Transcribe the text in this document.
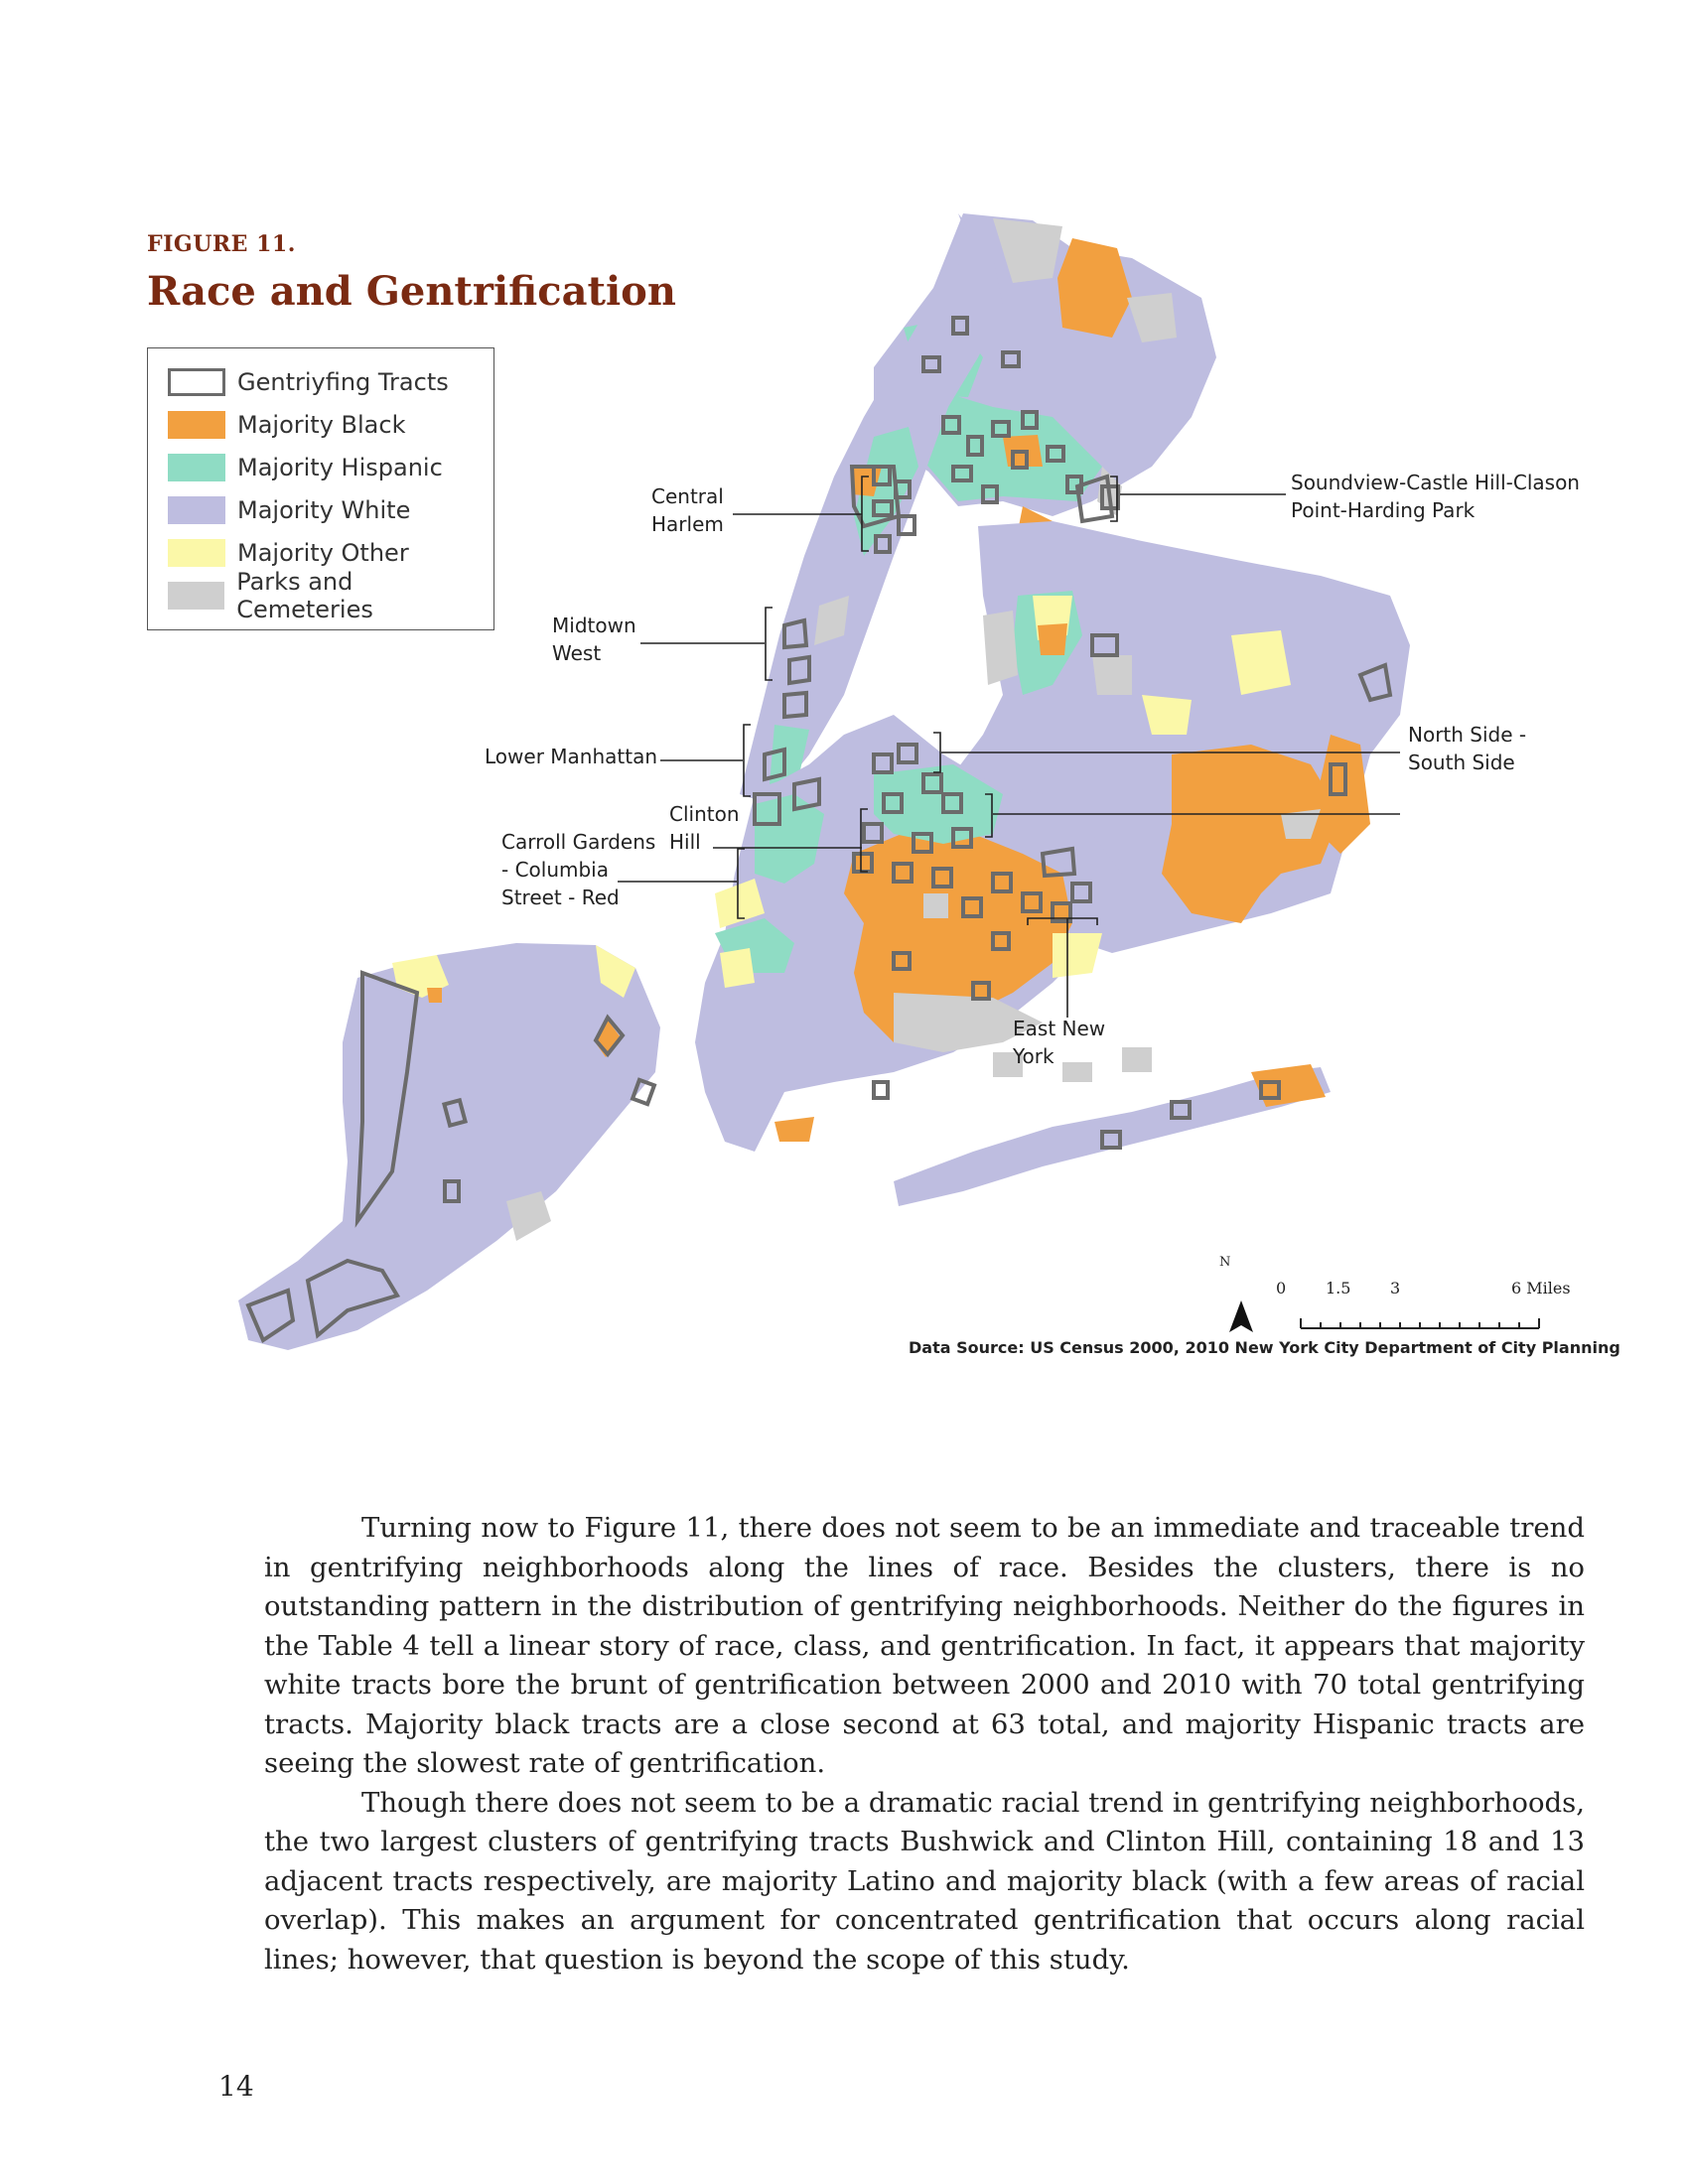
FIGURE 11.
Race and Gentrification
Gentriyfing Tracts
Majority Black
Majority Hispanic
Majority White
Majority Other
Parks and Cemeteries
Central Harlem
Soundview-Castle Hill-Clason Point-Harding Park
Midtown West
Lower Manhattan
North Side - South Side
Clinton Hill
Carroll Gardens - Columbia Street - Red
East New York
N
0 1.5 3	6 Miles
Data Source: US Census 2000, 2010 New York City Department of City Planning

Turning now to Figure 11, there does not seem to be an immediate and traceable trend in gentrifying neighborhoods along the lines of race. Besides the clusters, there is no outstanding pattern in the distribution of gentrifying neighborhoods. Neither do the figures in the Table 4 tell a linear story of race, class, and gentrification. In fact, it appears that majority white tracts bore the brunt of gentrification between 2000 and 2010 with 70 total gentrifying tracts. Majority black tracts are a close second at 63 total, and majority Hispanic tracts are seeing the slowest rate of gentrification.

Though there does not seem to be a dramatic racial trend in gentrifying neighborhoods, the two largest clusters of gentrifying tracts Bushwick and Clinton Hill, containing 18 and 13 adjacent tracts respectively, are majority Latino and majority black (with a few areas of racial overlap). This makes an argument for concentrated gentrification that occurs along racial lines; however, that question is beyond the scope of this study.

14
